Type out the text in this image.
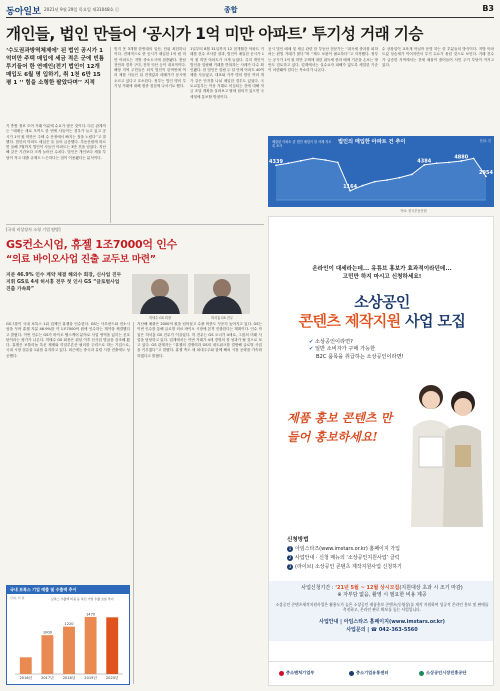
동아일보 2021년 9월 29일 목요일 제31048호 ⓒ	종합	B3
개인들, 법인 만들어 ‘공시가 1억 미만 아파트’ 투기성 거래 기승
‘수도권과방역체제에’ 된 법인 공시가 1억미만 주택 매입에 세금 적은 군에 빈틈 투기들어 한 연예인(전기 법인이 12개 매입도 6월 명 입하기, 취 1천 6만 15평 1 ‘‘ 힘을 소형한 팔았다며’’ 지적
기 종합 정보 모아 거래 이룬에 수요가 많은 것이다. 다른 관계자는 ‘‘매매는 새로 모여도 한 번에 사들이는 경우가 늘고 있고 공시가 1억 원 미만은 주택 수 산정에서 빠지는 점을 노렸다’’고 말했다. 법인의 아파트 매입은 올 들어 급증했다. 부동산원에 따르면 올해 7월까지 법인이 사들인 아파트는 3만 건을 넘었다. 지난해 같은 기간보다 크게 늘어난 수치다. 법인은 개인보다 세율 부담이 적고 대출 규제도 느슨하다는 점이 이용됐다는 분석이다.
빗지 못 3개월 한번데의 입산, 단위 최한하나 이다. 전체적으로 중 공시가 매입한 1억 원 미만 아파트는 지방 중소도시에 집중됐다. 충남 천안과 경북 구미, 전북 익산 등이 대표적이다. 해당 지역 주민들은 외지 법인이 한꺼번에 여러 채를 사들인 뒤 전셋값과 매매가가 동시에 오르고 있다고 호소한다. 정부는 법인 명의 투기성 거래에 대해 집중 점검에 나서기로 했다.
1일부터 8월 31일까지 12 천개월간 아파트 거래를 전수 조사한 결과, 법인이 매입한 공시가 1억 원 미만 아파트가 크게 늘었다. 특히 개인이 법인을 설립해 거래를 반복하는 사례가 다수 확인됐다. 한 법인은 설립 두 달 만에 아파트 40여 채를 사들였고, 대표와 가족 명의 법인 여러 개가 같은 단지를 나눠 매입한 경우도 있었다. 국토교통부는 이상 거래로 의심되는 건에 대해 자금 조달 계획을 살펴보고 탈세 혐의가 있으면 국세청에 통보할 방침이다.
공시 법인 매매 및 세금 관련 한 부동산 전문가는 ‘‘취득세 중과를 피하려는 편법 거래가 많다’’며 ‘‘제도 보완이 필요하다’’고 지적했다. 정부는 공시가 1억 원 미만 주택에 대한 취득세 중과 배제 기준을 손보는 방안도 검토하고 있다. 업계에서는 실수요자 피해가 없도록 세밀한 기준이 마련돼야 한다는 목소리가 나온다.
수 상장업이 교육재 아닐까 운명 하는 한 부분들의 방식이다. 지방 아파트값 상승세가 이어지면서 투기 수요가 몰린 것으로 보인다. 거래 건수가 급증한 지역에서는 전세 매물이 줄어들어 서민 주거 부담이 커지고 있다.
제출된 아파트 중 법인 매입이 한 사례 지도록 조사
법인의 매입한 아파트 건 추이	단위: 건
4339
1164
4384
4880
2954
자료: 한국부동산원
[국내 비상장사 소형 기업 탐방]
GS컨소시엄, 휴젤 1조7000억 인수
“의료 바이오사업 진출 교두보 마련”
지분 46.9% 인수 계약 체결 해외수 회장, 신사업 진두지휘 GS로 4세 허서홍 전무 첫 인사 GS “글로벌사업 진출 가속화”
허태수 GS 회장	허서홍 GS 전무
GS그룹이 국내 보톡스 1위 업체인 휴젤을 인수한다. GS는 사모펀드와 컨소시엄을 꾸려 휴젤 지분 46.9%를 약 1조7000억 원에 인수하는 계약을 체결했다고 밝혔다. 이번 인수는 GS가 바이오 헬스케어 분야로 사업 영역을 넓히는 신호탄이라는 평가가 나온다. 허태수 GS 회장은 취임 이후 신사업 발굴을 강조해 왔다. 휴젤은 보툴리눔 톡신 제제와 히알루론산 필러를 주력으로 하는 기업으로, 국내 시장 점유율 1위를 유지하고 있다. 최근에는 중국과 유럽 시장 진출에도 성공했다.
지난해 매출은 2000억 원을 넘어섰고 수출 비중도 꾸준히 높아지고 있다. GS는 이번 인수를 통해 글로벌 의료 바이오 시장에 본격 진출한다는 계획이다. 인수 작업은 허서홍 GS 전무가 이끌었다. 허 전무는 GS 오너가 4세로, 그룹의 미래 사업을 담당하고 있다. 업계에서는 이번 거래가 4세 경영의 첫 성과가 될 것으로 보고 있다. GS 관계자는 ‘‘휴젤의 경쟁력과 GS의 네트워크를 결합해 글로벌 사업을 키우겠다’’고 말했다. 휴젤 측도 새 최대주주와 함께 해외 시장 공략을 가속화하겠다고 밝혔다.
국내 보톡스 기업 매출 및 수출액 추이
단위: 억 원	보톡스 수출액 비중 등 톡신 기업 수출 흐름 추이
2016년 2017년
1000
2018년
1220
2019년
1470
2020년
온라인이 대세라는데... 유튜브 홍보가 효과적이라던데...
고민만 하지 마시고 신청하세요!
소상공인
콘텐츠 제작지원 사업 모집
✔ 소상공인이라면?
✔ 일반 소비자가 구매 가능한
B2C 품목을 취급하는 소상공인이라면!
제품 홍보 콘텐츠 만들어 홍보하세요!
신청방법
1 아임스타즈(www.imstars.or.kr) 홈페이지 가입
2 사업안내 · 신청 메뉴의 ‘소상공인지원사업’ 클릭
3 (라이브) 소상공인 콘텐츠 제작지원사업 신청하기
사업신청기간 : ‘21년 5월 ~ 12월 상시모집(지원대상 초과 시 조기 마감)
※ 자부담 없음, 촬영 시 필요한 비용 제공
소상공인 콘텐츠제작지원사업은 활용도가 높은 소상공인 제품홍보 콘텐츠(동영상)를 제작 지원하여 성공적 온라인 홍보 및 판매를 촉진하고, 온라인 판로 확보를 돕는 사업입니다.
사업안내 | 아임스타즈 홈페이지(www.imstars.or.kr)
사업문의 | ☎ 042-363-5560
중소벤처기업부	중소기업유통센터	소상공인시장진흥공단
